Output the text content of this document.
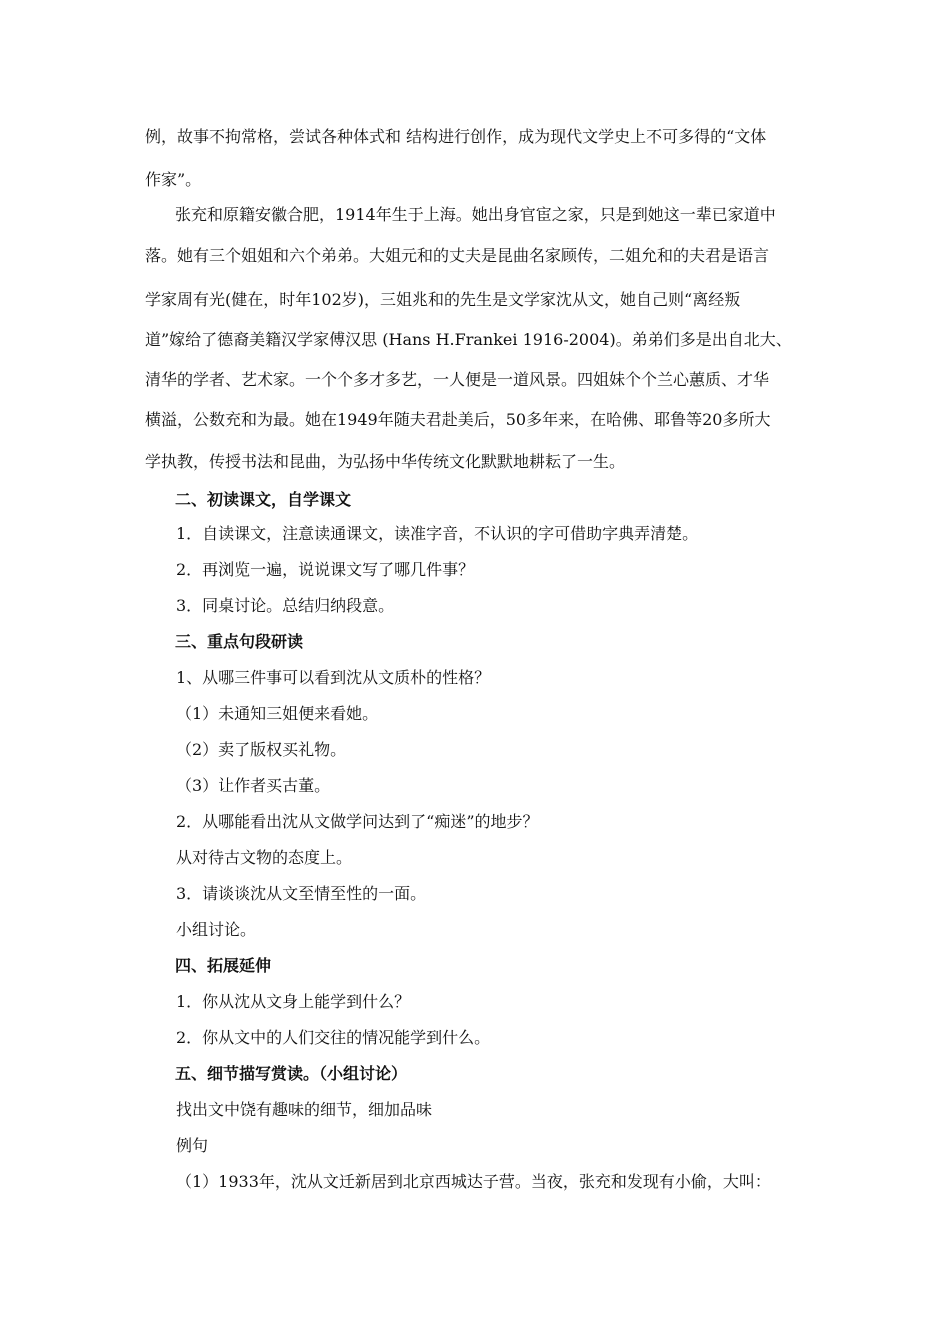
例，故事不拘常格，尝试各种体式和 结构进行创作，成为现代文学史上不可多得的“文体
作家”。
张充和原籍安徽合肥，1914年生于上海。她出身官宦之家，只是到她这一辈已家道中
落。她有三个姐姐和六个弟弟。大姐元和的丈夫是昆曲名家顾传，二姐允和的夫君是语言
学家周有光(健在，时年102岁)，三姐兆和的先生是文学家沈从文，她自己则“离经叛
道”嫁给了德裔美籍汉学家傅汉思 (Hans H.Frankei 1916-2004)。弟弟们多是出自北大、
清华的学者、艺术家。一个个多才多艺，一人便是一道风景。四姐妹个个兰心蕙质、才华
横溢，公数充和为最。她在1949年随夫君赴美后，50多年来，在哈佛、耶鲁等20多所大
学执教，传授书法和昆曲，为弘扬中华传统文化默默地耕耘了一生。
二、初读课文，自学课文
1．自读课文，注意读通课文，读准字音，不认识的字可借助字典弄清楚。
2．再浏览一遍，说说课文写了哪几件事？
3．同桌讨论。总结归纳段意。
三、重点句段研读
1、从哪三件事可以看到沈从文质朴的性格？
（1）未通知三姐便来看她。
（2）卖了版权买礼物。
（3）让作者买古董。
2．从哪能看出沈从文做学问达到了“痴迷”的地步？
从对待古文物的态度上。
3．请谈谈沈从文至情至性的一面。
小组讨论。
四、拓展延伸
1．你从沈从文身上能学到什么？
2．你从文中的人们交往的情况能学到什么。
五、细节描写赏读。（小组讨论）
找出文中饶有趣味的细节，细加品味
例句
（1）1933年，沈从文迁新居到北京西城达子营。当夜，张充和发现有小偷，大叫：
